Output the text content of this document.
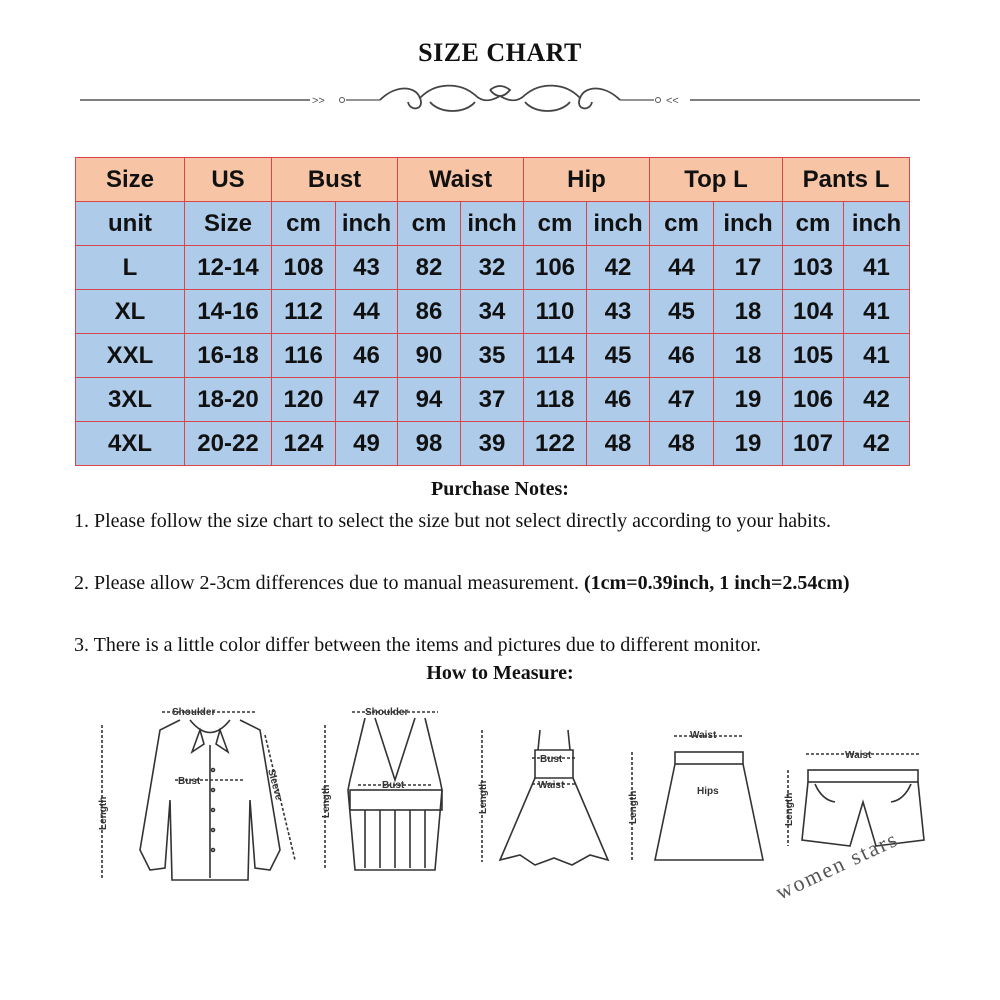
SIZE CHART
>>	<<
Size	US	Bust		Waist		Hip		Top L		Pants L	
unit	Size	cm	inch	cm	inch	cm	inch	cm	inch	cm	inch
L	12-14	108	43	82	32	106	42	44	17	103	41
XL	14-16	112	44	86	34	110	43	45	18	104	41
XXL	16-18	116	46	90	35	114	45	46	18	105	41
3XL	18-20	120	47	94	37	118	46	47	19	106	42
4XL	20-22	124	49	98	39	122	48	48	19	107	42
Purchase Notes:
1. Please follow the size chart to select the size but not select directly according to your habits.
2. Please allow 2-3cm differences due to manual measurement. (1cm=0.39inch, 1 inch=2.54cm)
3. There is a little color differ between the items and pictures due to different monitor.
How to Measure:
Shoulder
Bust
Length
Sleeve
Shoulder
Bust
Length
Bust
Waist
Length
Waist
Hips
Length
Waist
Length
women stars
